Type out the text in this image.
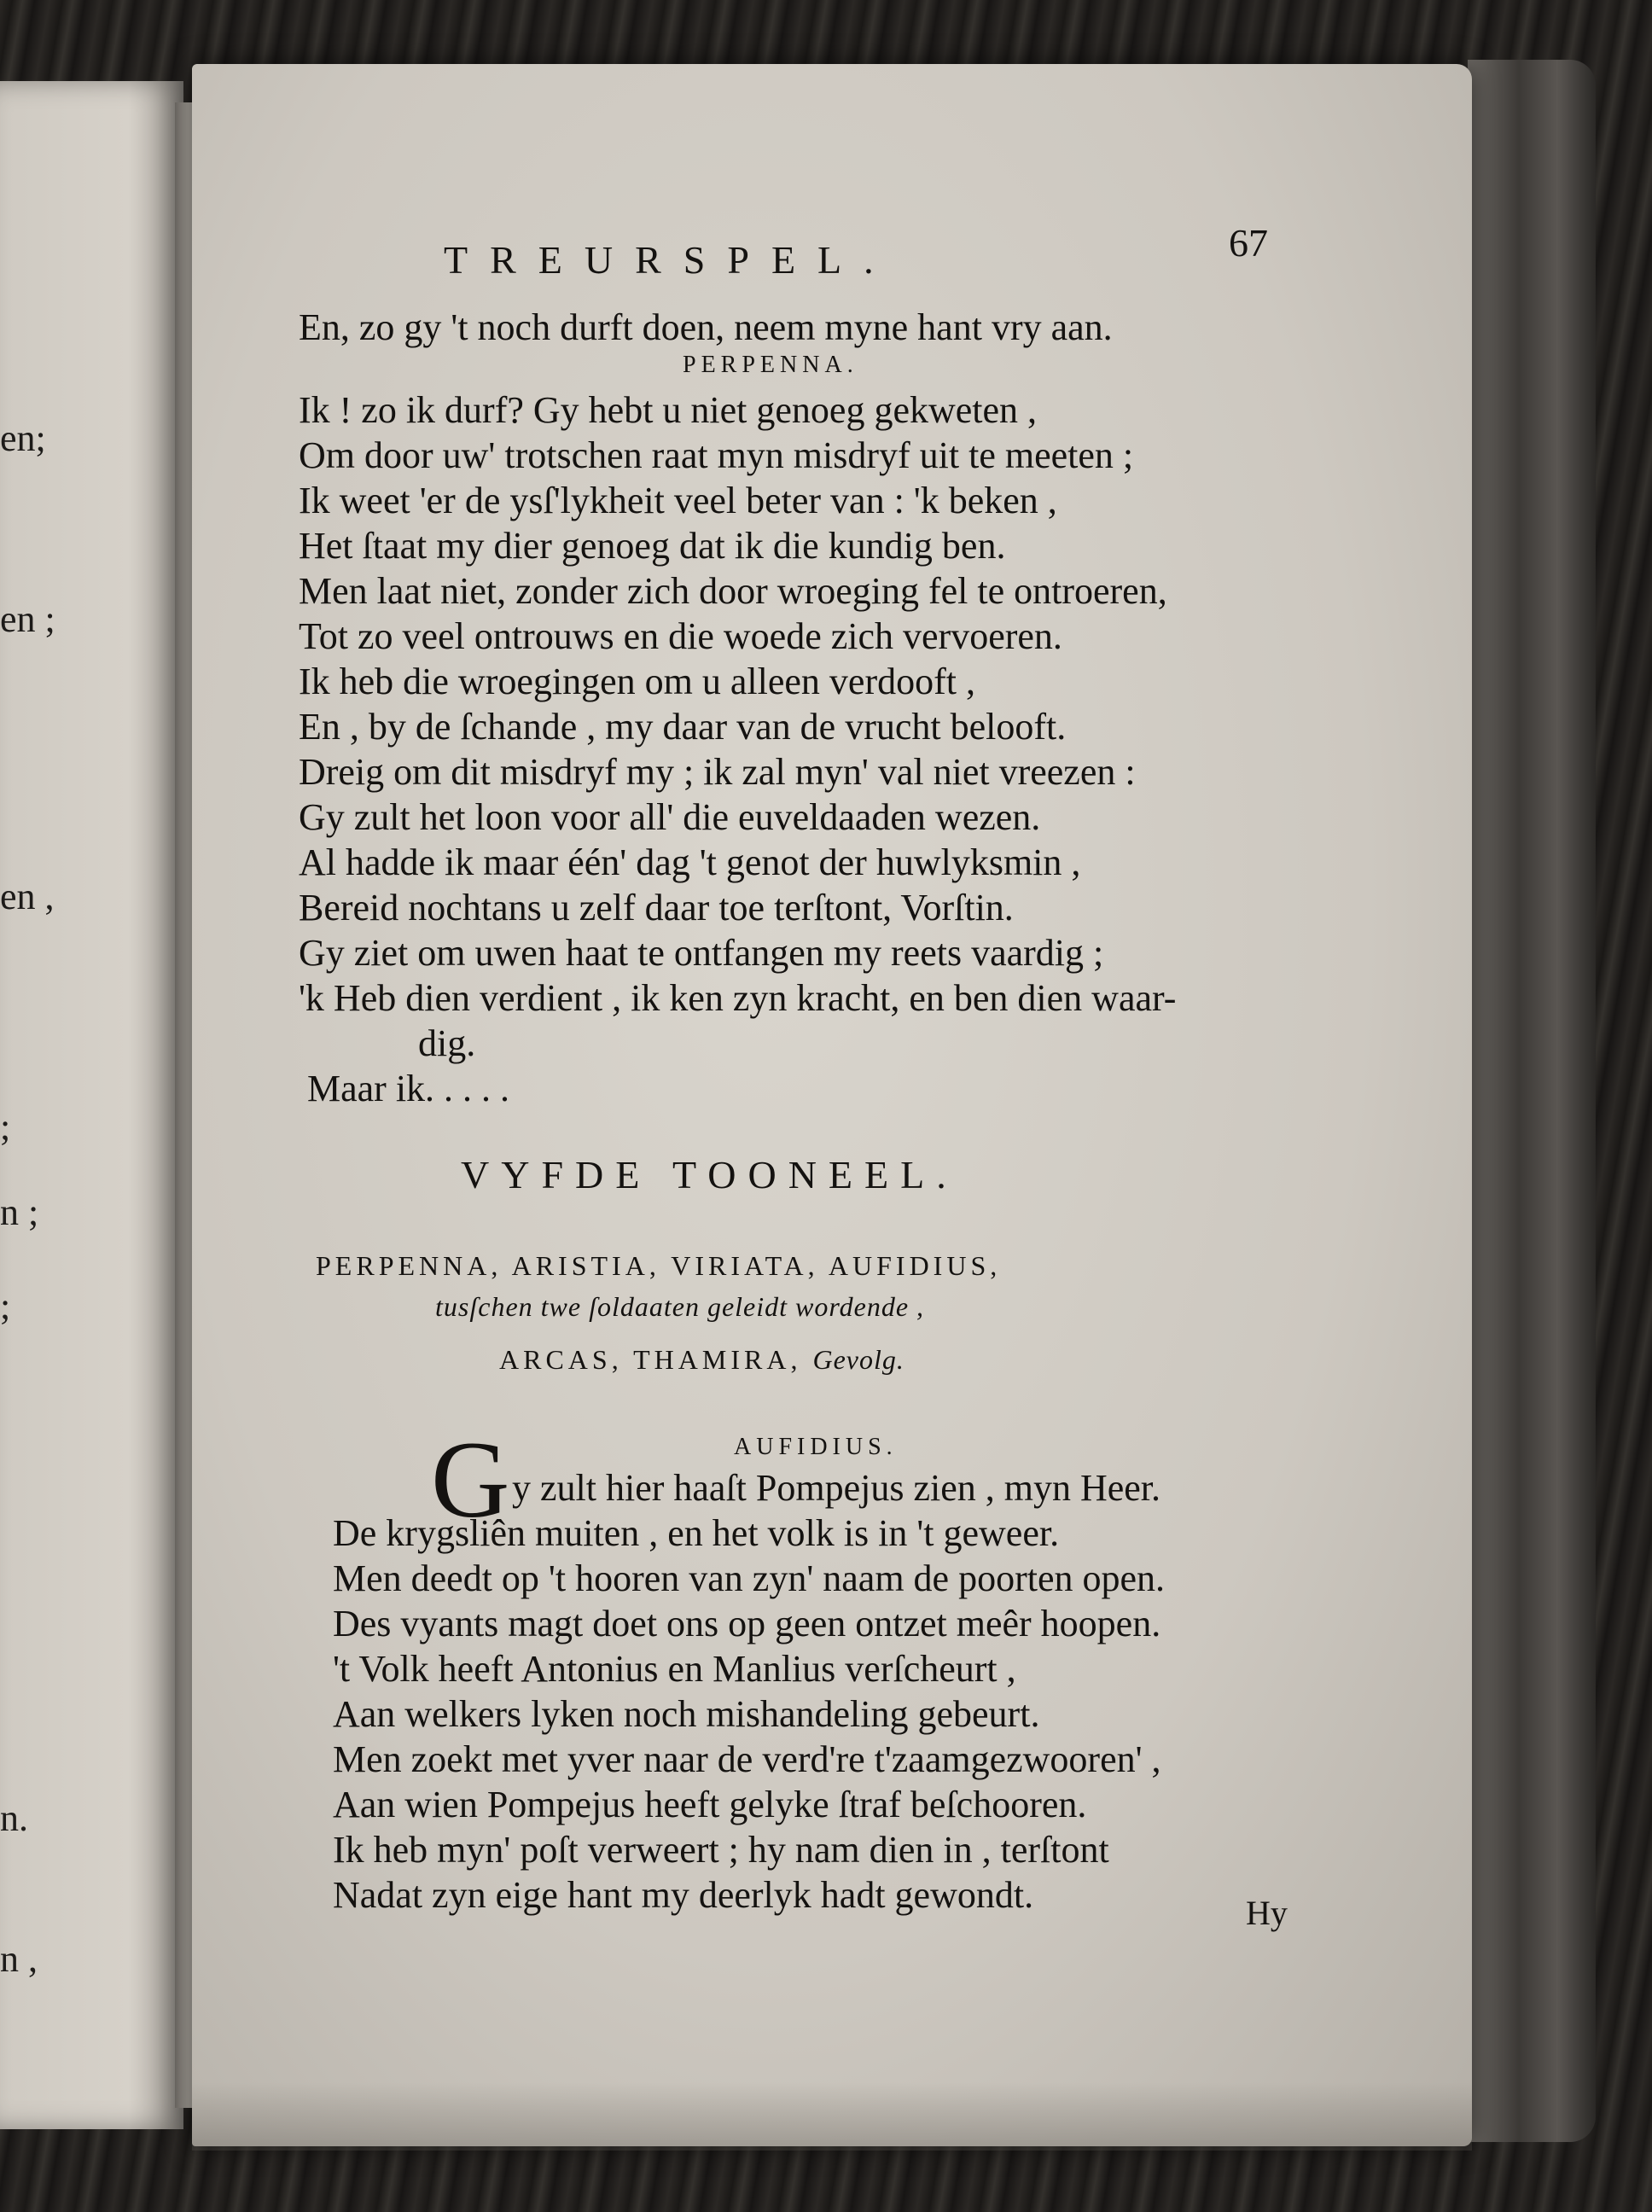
en;
en ;
en ,
;
n ;
;
n.
n ,
TREURSPEL.	67
En, zo gy 't noch durft doen, neem myne hant vry aan.
PERPENNA.
Ik ! zo ik durf? Gy hebt u niet genoeg gekweten ,
Om door uw' trotschen raat myn misdryf uit te meeten ;
Ik weet 'er de ysſ'lykheit veel beter van : 'k beken ,
Het ſtaat my dier genoeg dat ik die kundig ben.
Men laat niet, zonder zich door wroeging fel te ontroeren,
Tot zo veel ontrouws en die woede zich vervoeren.
Ik heb die wroegingen om u alleen verdooft ,
En , by de ſchande , my daar van de vrucht belooft.
Dreig om dit misdryf my ; ik zal myn' val niet vreezen :
Gy zult het loon voor all' die euveldaaden wezen.
Al hadde ik maar één' dag 't genot der huwlyksmin ,
Bereid nochtans u zelf daar toe terſtont, Vorſtin.
Gy ziet om uwen haat te ontfangen my reets vaardig ;
'k Heb dien verdient , ik ken zyn kracht, en ben dien waar-
dig.
Maar ik. . . . .
VYFDE TOONEEL.
PERPENNA, ARISTIA, VIRIATA, AUFIDIUS,
tusſchen twe ſoldaaten geleidt wordende ,
ARCAS, THAMIRA, Gevolg.
AUFIDIUS.
G y zult hier haaſt Pompejus zien , myn Heer.
De krygsliên muiten , en het volk is in 't geweer.
Men deedt op 't hooren van zyn' naam de poorten open.
Des vyants magt doet ons op geen ontzet meêr hoopen.
't Volk heeft Antonius en Manlius verſcheurt ,
Aan welkers lyken noch mishandeling gebeurt.
Men zoekt met yver naar de verd're t'zaamgezwooren' ,
Aan wien Pompejus heeft gelyke ſtraf beſchooren.
Ik heb myn' poſt verweert ; hy nam dien in , terſtont
Nadat zyn eige hant my deerlyk hadt gewondt.	Hy
